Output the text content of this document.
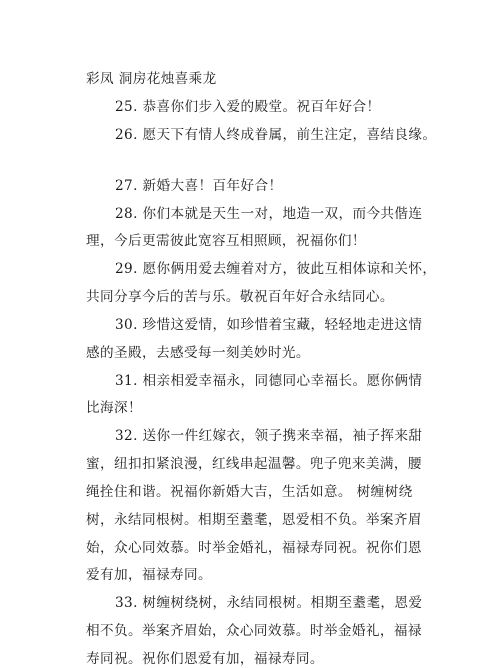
彩凤 洞房花烛喜乘龙
25. 恭喜你们步入爱的殿堂。祝百年好合！
26. 愿天下有情人终成眷属，前生注定，喜结良缘。
27. 新婚大喜！百年好合！
28. 你们本就是天生一对，地造一双，而今共偕连
理，今后更需彼此宽容互相照顾，祝福你们！
29. 愿你俩用爱去缠着对方，彼此互相体谅和关怀，
共同分享今后的苦与乐。敬祝百年好合永结同心。
30. 珍惜这爱情，如珍惜着宝藏，轻轻地走进这情
感的圣殿，去感受每一刻美妙时光。
31. 相亲相爱幸福永，同德同心幸福长。愿你俩情
比海深！
32. 送你一件红嫁衣，领子携来幸福，袖子挥来甜
蜜，纽扣扣紧浪漫，红线串起温馨。兜子兜来美满，腰
绳拴住和谐。祝福你新婚大吉，生活如意。 树缠树绕
树，永结同根树。相期至耋耄，恩爱相不负。举案齐眉
始，众心同效慕。时举金婚礼，福禄寿同祝。祝你们恩
爱有加，福禄寿同。
33. 树缠树绕树，永结同根树。相期至耋耄，恩爱
相不负。举案齐眉始，众心同效慕。时举金婚礼，福禄
寿同祝。祝你们恩爱有加，福禄寿同。
